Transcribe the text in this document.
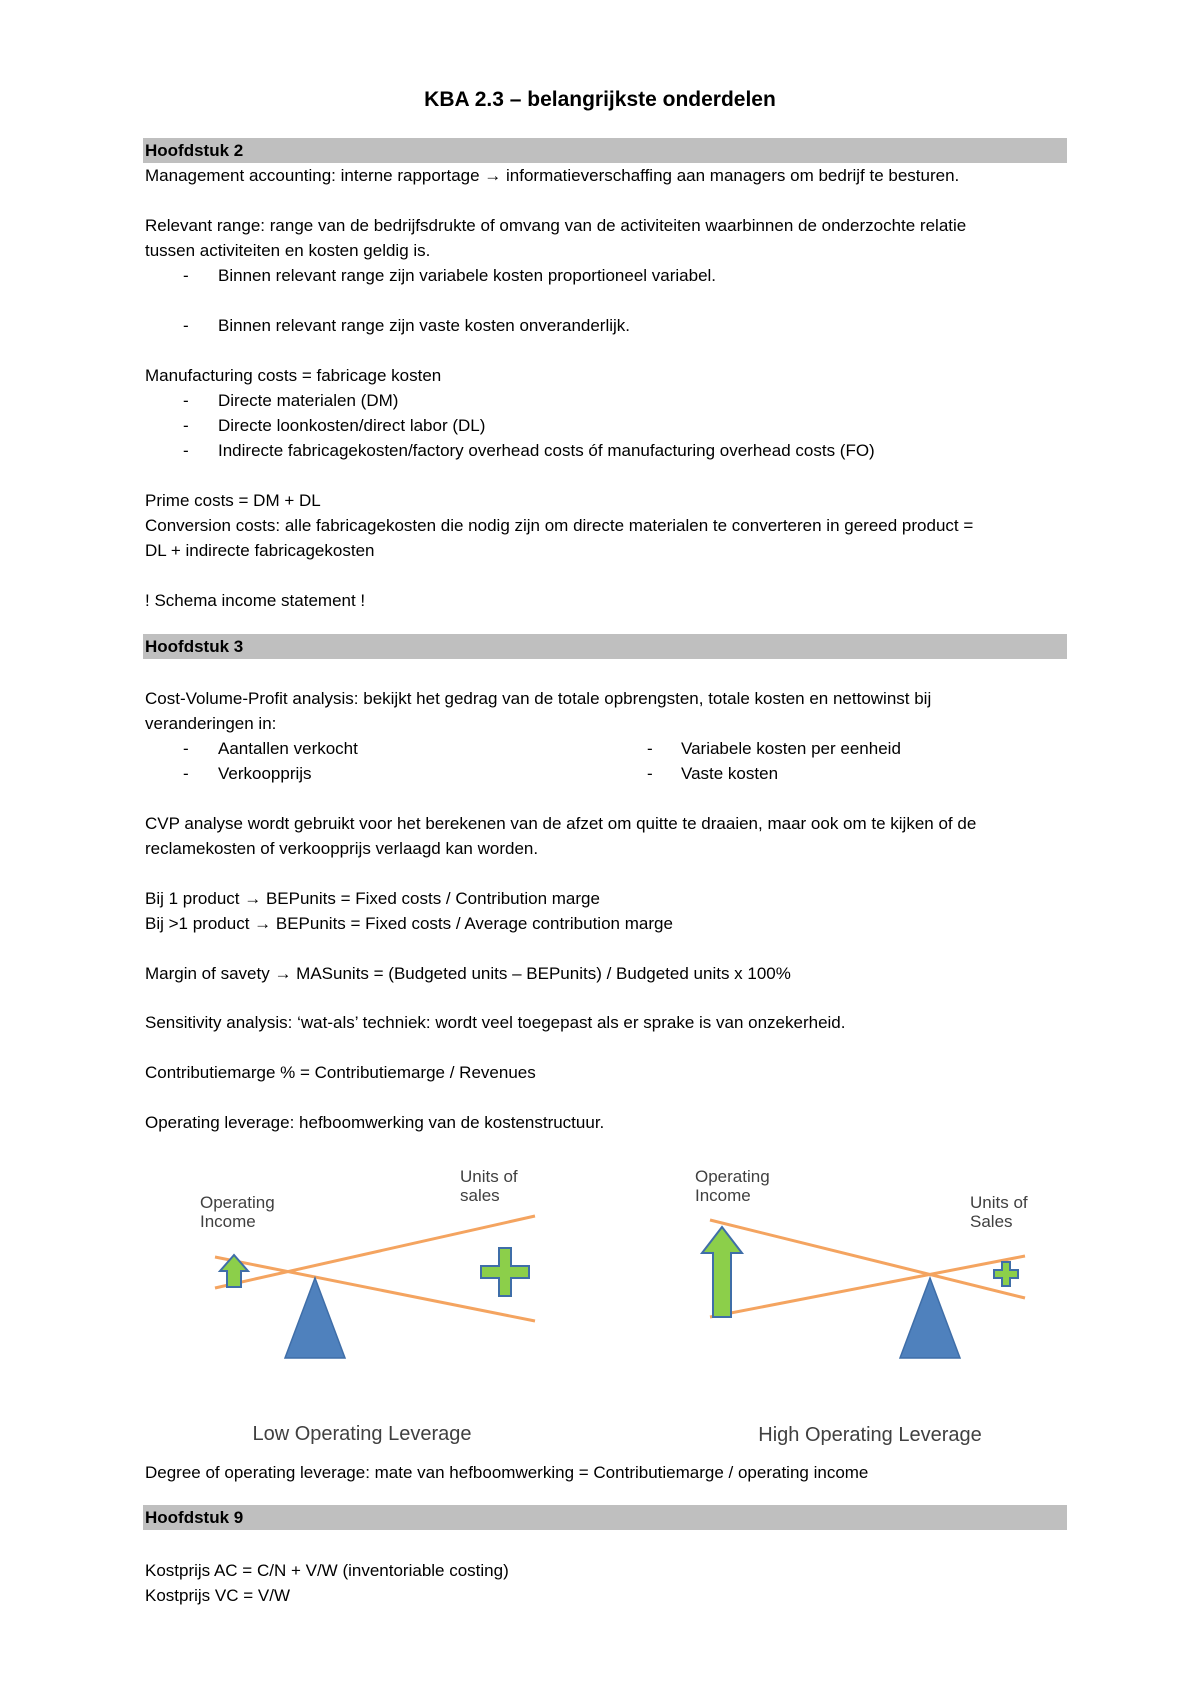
KBA 2.3 – belangrijkste onderdelen
Hoofdstuk 2
Management accounting: interne rapportage → informatieverschaffing aan managers om bedrijf te besturen.
Relevant range: range van de bedrijfsdrukte of omvang van de activiteiten waarbinnen de onderzochte relatie
tussen activiteiten en kosten geldig is.
- Binnen relevant range zijn variabele kosten proportioneel variabel.
- Binnen relevant range zijn vaste kosten onveranderlijk.
Manufacturing costs = fabricage kosten
- Directe materialen (DM)
- Directe loonkosten/direct labor (DL)
- Indirecte fabricagekosten/factory overhead costs óf manufacturing overhead costs (FO)
Prime costs = DM + DL
Conversion costs: alle fabricagekosten die nodig zijn om directe materialen te converteren in gereed product =
DL + indirecte fabricagekosten
! Schema income statement !
Hoofdstuk 3
Cost-Volume-Profit analysis: bekijkt het gedrag van de totale opbrengsten, totale kosten en nettowinst bij
veranderingen in:
- Aantallen verkocht
- Verkoopprijs
- Variabele kosten per eenheid
- Vaste kosten
CVP analyse wordt gebruikt voor het berekenen van de afzet om quitte te draaien, maar ook om te kijken of de
reclamekosten of verkoopprijs verlaagd kan worden.
Bij 1 product → BEPunits = Fixed costs / Contribution marge
Bij >1 product → BEPunits = Fixed costs / Average contribution marge
Margin of savety → MASunits = (Budgeted units – BEPunits) / Budgeted units x 100%
Sensitivity analysis: ‘wat-als’ techniek: wordt veel toegepast als er sprake is van onzekerheid.
Contributiemarge % = Contributiemarge / Revenues
Operating leverage: hefboomwerking van de kostenstructuur.
Operating
Income
Units of
sales
Low Operating Leverage
Operating
Income	Units of
Sales
High Operating Leverage
Degree of operating leverage: mate van hefboomwerking = Contributiemarge / operating income
Hoofdstuk 9
Kostprijs AC = C/N + V/W (inventoriable costing)
Kostprijs VC = V/W
